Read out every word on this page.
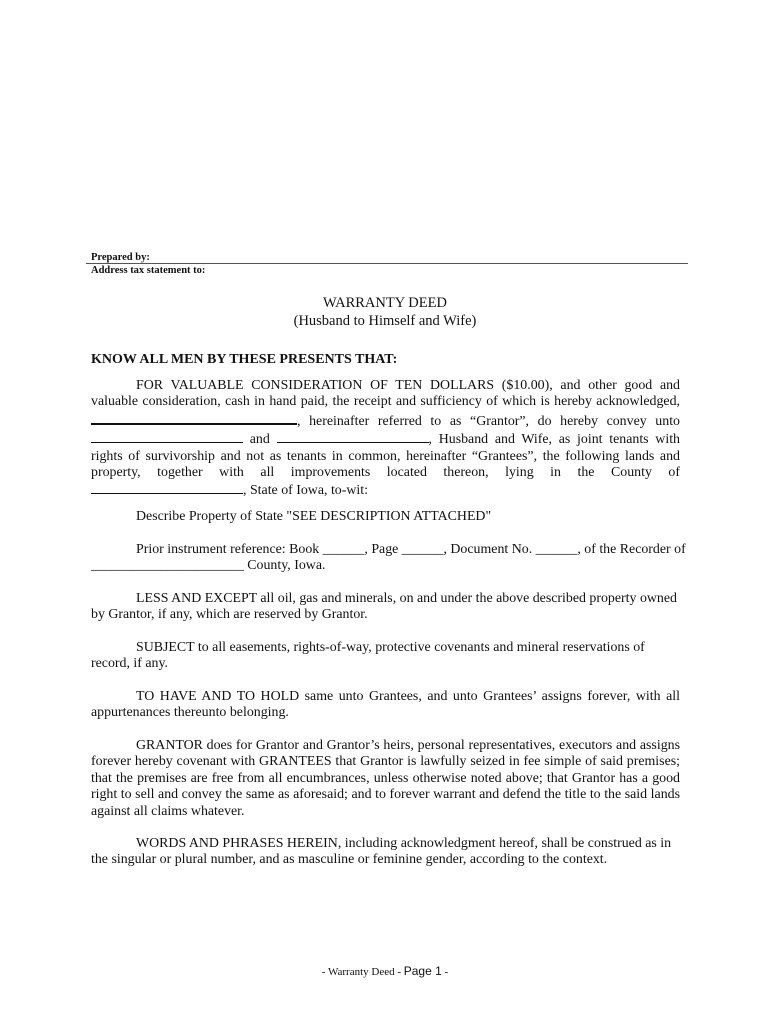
Prepared by:
Address tax statement to:
WARRANTY DEED
(Husband to Himself and Wife)
KNOW ALL MEN BY THESE PRESENTS THAT:
FOR VALUABLE CONSIDERATION OF TEN DOLLARS ($10.00), and other good and
valuable consideration, cash in hand paid, the receipt and sufficiency of which is hereby acknowledged,
, hereinafter referred to as “Grantor”, do hereby convey unto
and	, Husband and Wife, as joint tenants with
rights of survivorship and not as tenants in common, hereinafter “Grantees”, the following lands and
property, together with all improvements located thereon, lying in the County of
, State of Iowa, to-wit:
Describe Property of State "SEE DESCRIPTION ATTACHED"
Prior instrument reference: Book ______, Page ______, Document No. ______, of the Recorder of
______________________ County, Iowa.
LESS AND EXCEPT all oil, gas and minerals, on and under the above described property owned
by Grantor, if any, which are reserved by Grantor.
SUBJECT to all easements, rights-of-way, protective covenants and mineral reservations of
record, if any.
TO HAVE AND TO HOLD same unto Grantees, and unto Grantees’ assigns forever, with all
appurtenances thereunto belonging.
GRANTOR does for Grantor and Grantor’s heirs, personal representatives, executors and assigns
forever hereby covenant with GRANTEES that Grantor is lawfully seized in fee simple of said premises;
that the premises are free from all encumbrances, unless otherwise noted above; that Grantor has a good
right to sell and convey the same as aforesaid; and to forever warrant and defend the title to the said lands
against all claims whatever.
WORDS AND PHRASES HEREIN, including acknowledgment hereof, shall be construed as in
the singular or plural number, and as masculine or feminine gender, according to the context.
- Warranty Deed - Page 1 -
